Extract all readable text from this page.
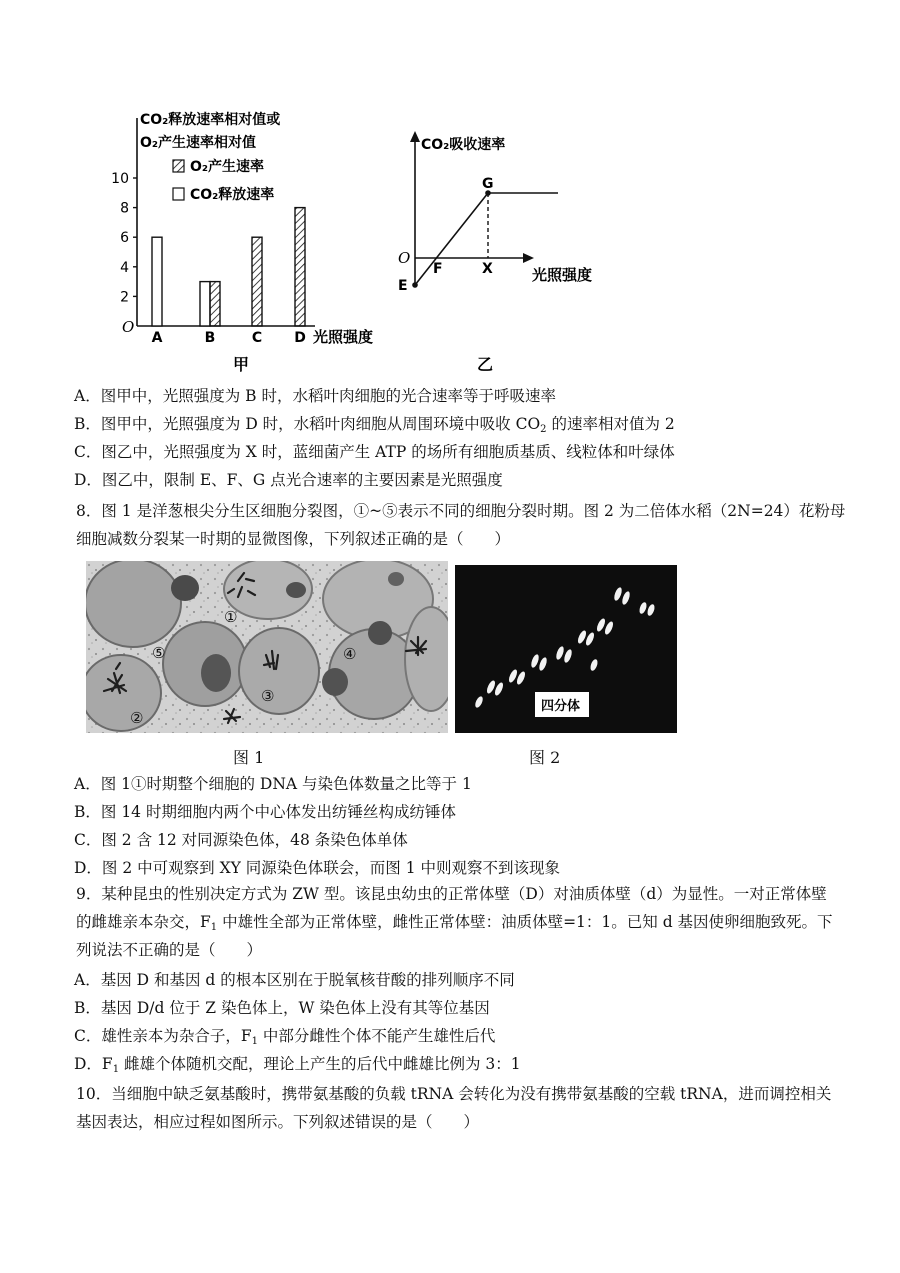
CO₂释放速率相对值或
O₂产生速率相对值
O₂产生速率
CO₂释放速率
2
4
6
8
10
A	B	C D
O
光照强度
甲
CO₂吸收速率
光照强度
O
E
F
G
X
乙
A．图甲中，光照强度为 B 时，水稻叶肉细胞的光合速率等于呼吸速率
B．图甲中，光照强度为 D 时，水稻叶肉细胞从周围环境中吸收 $CO_2$ 的速率相对值为 2
C．图乙中，光照强度为 X 时，蓝细菌产生 ATP 的场所有细胞质基质、线粒体和叶绿体
D．图乙中，限制 E、F、G 点光合速率的主要因素是光照强度
8．图 1 是洋葱根尖分生区细胞分裂图，①~⑤表示不同的细胞分裂时期。图 2 为二倍体水稻（2N=24）花粉母
细胞减数分裂某一时期的显微图像，下列叙述正确的是（　　）
①
②
③
④
⑤
四分体
图 1	图 2
A．图 1①时期整个细胞的 DNA 与染色体数量之比等于 1
B．图 14 时期细胞内两个中心体发出纺锤丝构成纺锤体
C．图 2 含 12 对同源染色体，48 条染色体单体
D．图 2 中可观察到 XY 同源染色体联会，而图 1 中则观察不到该现象
9．某种昆虫的性别决定方式为 ZW 型。该昆虫幼虫的正常体壁（D）对油质体壁（d）为显性。一对正常体壁
的雌雄亲本杂交，$F_1$ 中雄性全部为正常体壁，雌性正常体壁：油质体壁=1：1。已知 d 基因使卵细胞致死。下
列说法不正确的是（　　）
A．基因 D 和基因 d 的根本区别在于脱氧核苷酸的排列顺序不同
B．基因 D/d 位于 Z 染色体上，W 染色体上没有其等位基因
C．雄性亲本为杂合子，$F_1$ 中部分雌性个体不能产生雄性后代
D．$F_1$ 雌雄个体随机交配，理论上产生的后代中雌雄比例为 3：1
10．当细胞中缺乏氨基酸时，携带氨基酸的负载 tRNA 会转化为没有携带氨基酸的空载 tRNA，进而调控相关
基因表达，相应过程如图所示。下列叙述错误的是（　　）
